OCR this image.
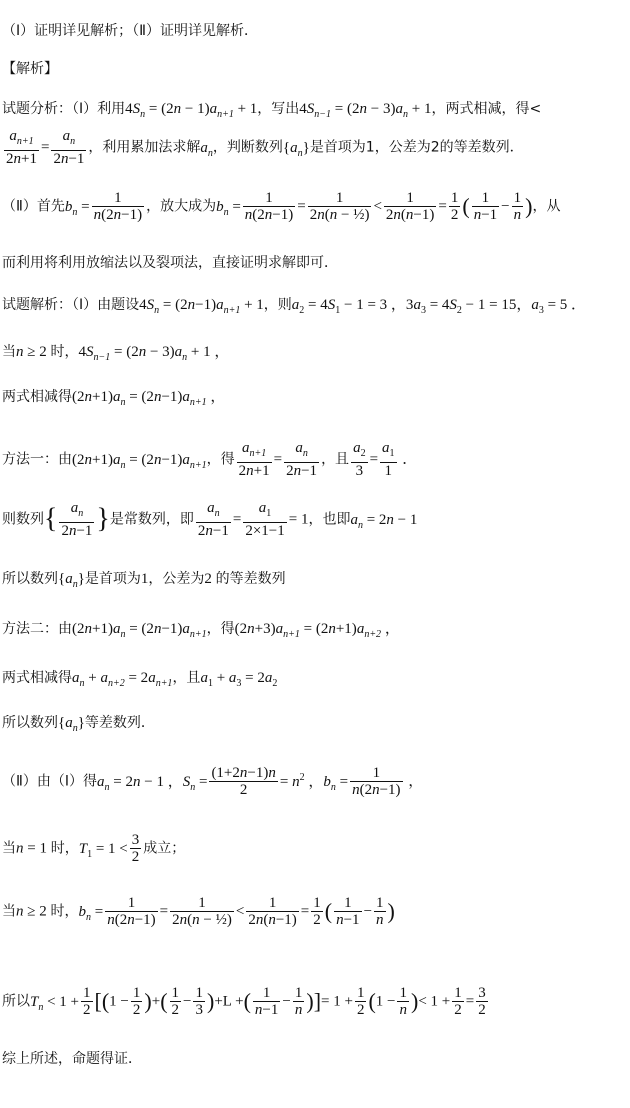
（Ⅰ）证明详见解析；（Ⅱ）证明详见解析．
【解析】
试题分析：（Ⅰ）利用$4S_n = (2n - 1)a_{n+1} + 1$，写出$4S_{n-1} = (2n - 3)a_n + 1$，两式相减，得<
$\frac{a_{n+1}}{2n+1} = \frac{a_n}{2n-1}$ ，利用累加法求解$a_n$，判断数列$\{a_n\}$是首项为1，公差为2的等差数列．
（Ⅱ）首先$b_n = \frac{1}{n(2n-1)}$ ，放大成为$b_n = \frac{1}{n(2n-1)} = \frac{1}{\text{2n(n − ½)}} < \frac{1}{2n(n-1)} = \frac{1}{2}$ ( $\frac{1}{n-1} - \frac{1}{n}$ )，从
而利用将利用放缩法以及裂项法，直接证明求解即可．
试题解析：（Ⅰ）由题设$4S_n = (2n-1)a_{n+1} + 1$，则$a_2 = 4S_1 - 1 = 3$ ，$3a_3 = 4S_2 - 1 = 15$，$a_3 = 5$ ．
当n ≥ 2 时，$4S_{n-1} = (2n - 3)a_n + 1$ ，
两式相减得$(2n+1)a_n = (2n-1)a_{n+1}$ ，
方法一：由$(2n+1)a_n = (2n-1)a_{n+1}$，得 $\frac{a_{n+1}}{2n+1} = \frac{a_n}{2n-1}$ ，且 $\frac{a_2}{3} = \frac{a_1}{1}$ ．
则数列{ $\frac{a_n}{2n-1}$ }是常数列，即 $\frac{a_n}{2n-1} = \frac{a_1}{2\times 1-1} = 1$，也即$a_n = 2n - 1$
所以数列$\{a_n\}$是首项为1，公差为2 的等差数列
方法二：由$(2n+1)a_n = (2n-1)a_{n+1}$，得$(2n+3)a_{n+1} = (2n+1)a_{n+2}$ ，
两式相减得$a_n + a_{n+2} = 2a_{n+1}$，且$a_1 + a_3 = 2a_2$
所以数列$\{a_n\}$等差数列．
（Ⅱ）由（Ⅰ）得$a_n = 2n - 1$ ，$S_n = \frac{(1+2n-1)n}{2} = n^2$ ，$b_n = \frac{1}{n(2n-1)}$ ，
当n = 1 时，$T_1 = 1 < \frac{3}{2}$ 成立；
当n ≥ 2 时，$b_n = \frac{1}{n(2n-1)} = \frac{1}{\text{2n(n − ½)}} < \frac{1}{2n(n-1)} = \frac{1}{2}$ ( $\frac{1}{n-1} - \frac{1}{n}$ )
所以$T_n < 1 + \frac{1}{2} [(1 - \frac{1}{2}$ )+( $\frac{1}{2} - \frac{1}{3} )+L$ +( $\frac{1}{n-1} - \frac{1}{n}$ )]= $1 + \frac{1}{2} (1 - \frac{1}{n}$ )< $1 + \frac{1}{2} = \frac{3}{2}$
综上所述，命题得证．
